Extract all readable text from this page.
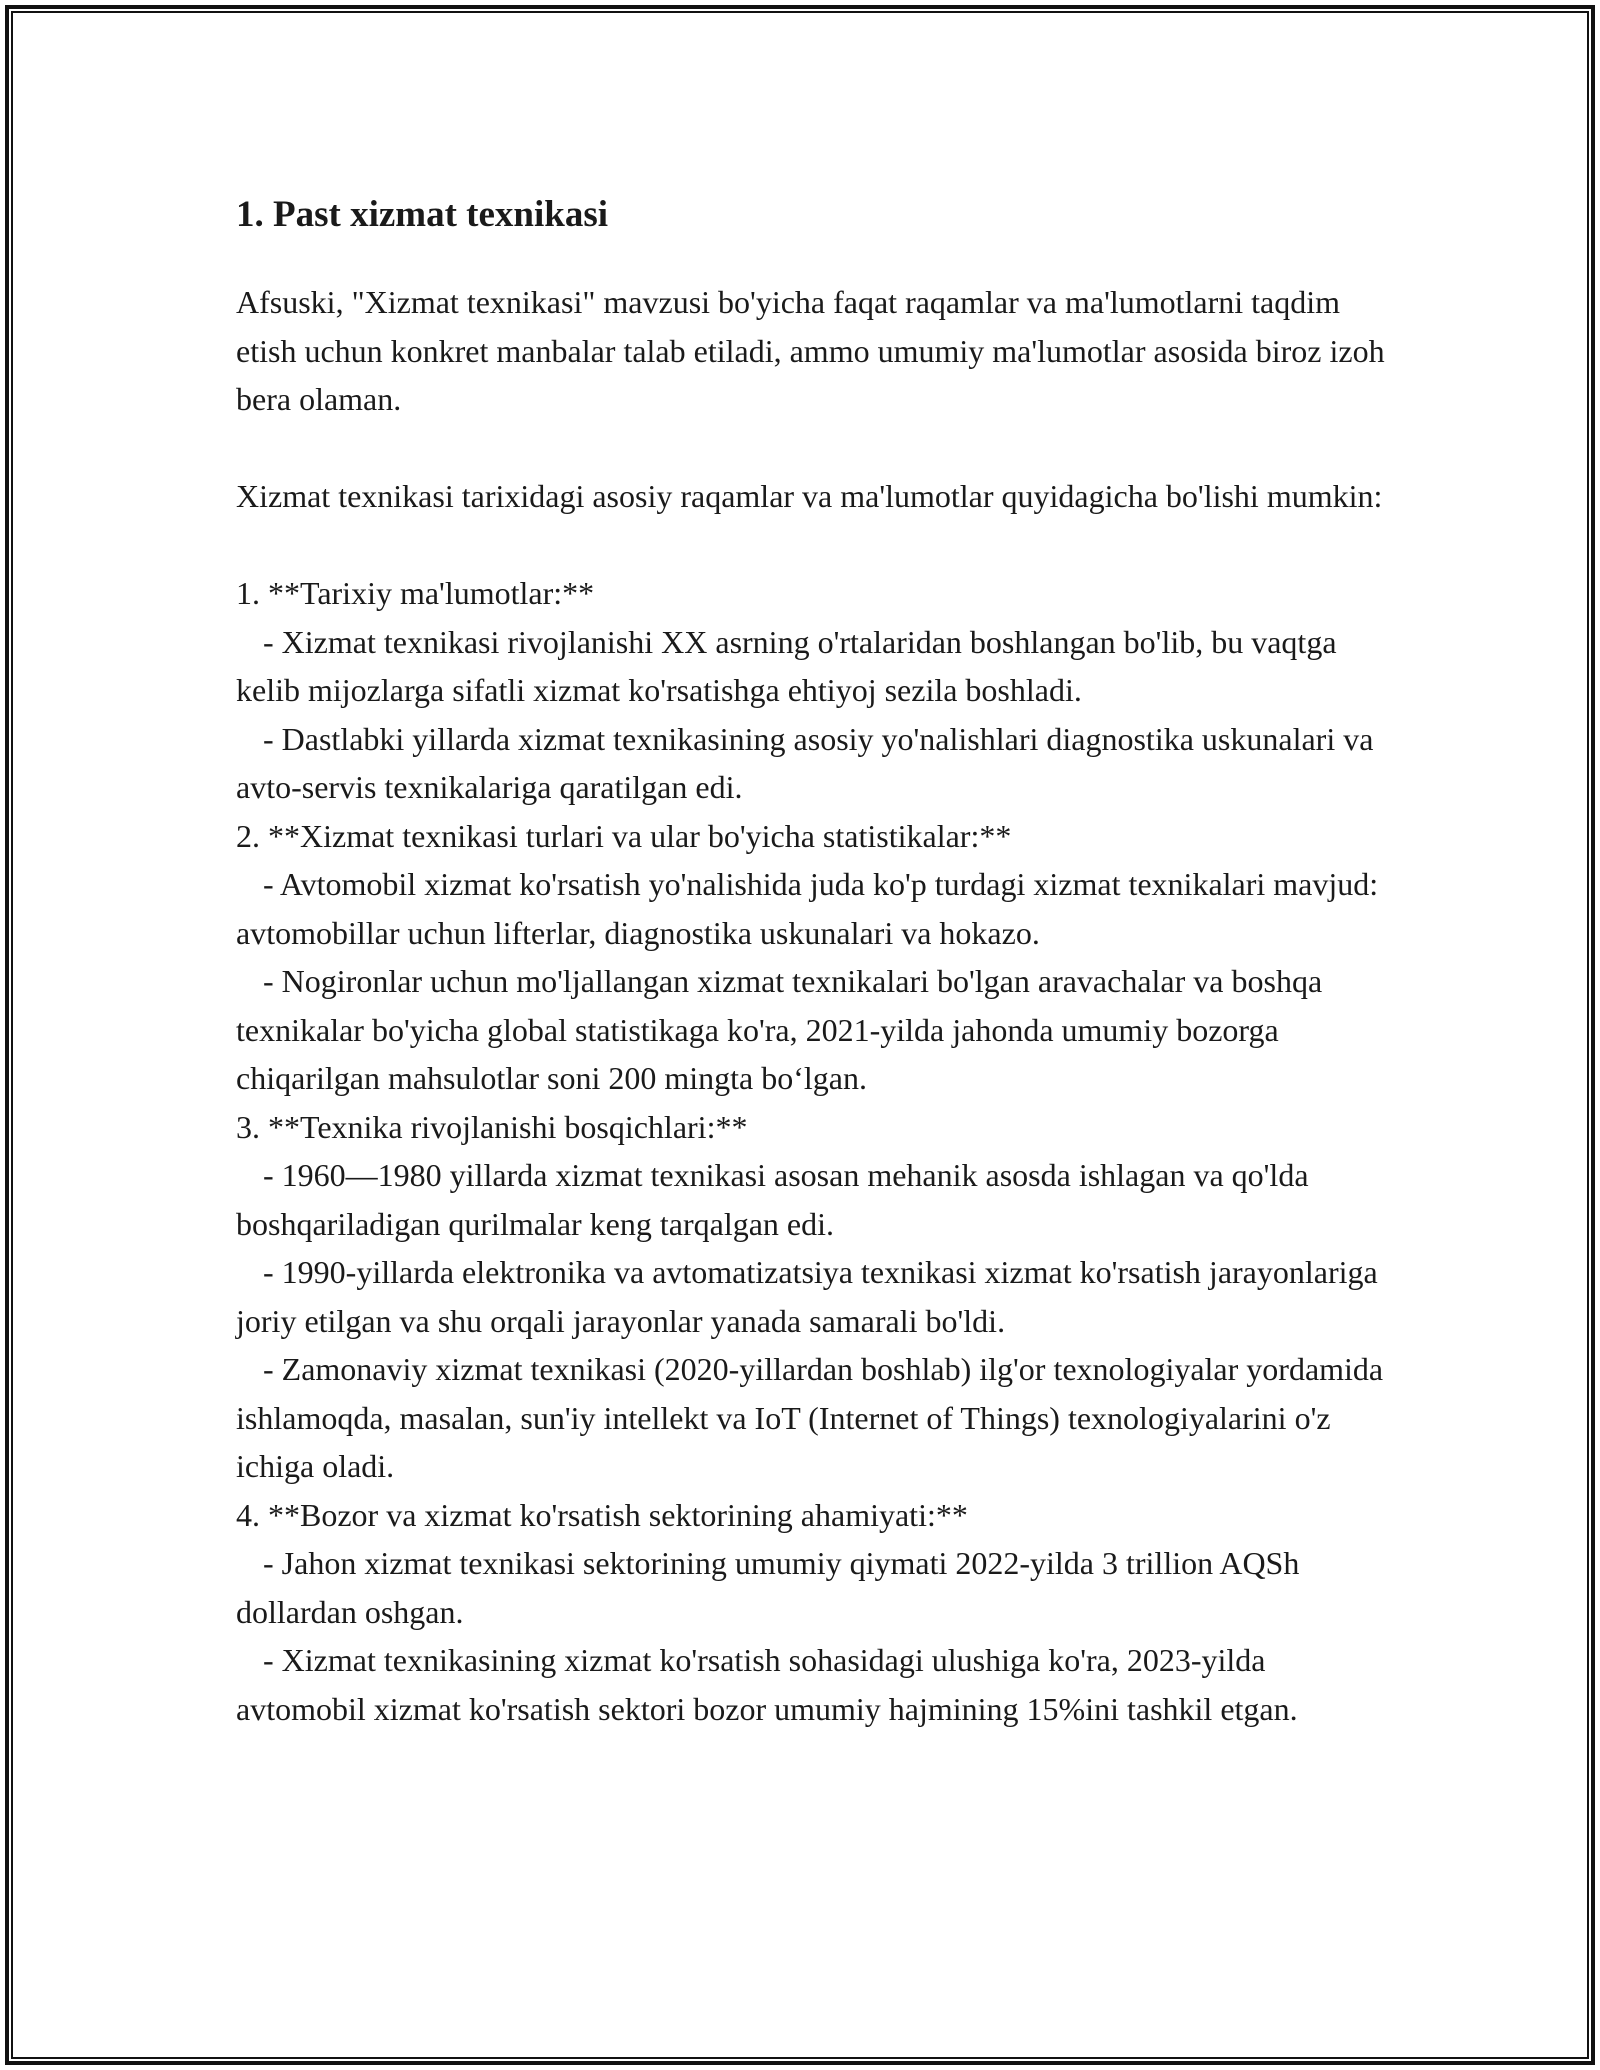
1. Past xizmat texnikasi

Afsuski, "Xizmat texnikasi" mavzusi bo'yicha faqat raqamlar va ma'lumotlarni taqdim etish uchun konkret manbalar talab etiladi, ammo umumiy ma'lumotlar asosida biroz izoh bera olaman.

Xizmat texnikasi tarixidagi asosiy raqamlar va ma'lumotlar quyidagicha bo'lishi mumkin:

1. **Tarixiy ma'lumotlar:**

- Xizmat texnikasi rivojlanishi XX asrning o'rtalaridan boshlangan bo'lib, bu vaqtga kelib mijozlarga sifatli xizmat ko'rsatishga ehtiyoj sezila boshladi.

- Dastlabki yillarda xizmat texnikasining asosiy yo'nalishlari diagnostika uskunalari va avto-servis texnikalariga qaratilgan edi.

2. **Xizmat texnikasi turlari va ular bo'yicha statistikalar:**

- Avtomobil xizmat ko'rsatish yo'nalishida juda ko'p turdagi xizmat texnikalari mavjud: avtomobillar uchun lifterlar, diagnostika uskunalari va hokazo.

- Nogironlar uchun mo'ljallangan xizmat texnikalari bo'lgan aravachalar va boshqa texnikalar bo'yicha global statistikaga ko'ra, 2021-yilda jahonda umumiy bozorga chiqarilgan mahsulotlar soni 200 mingta bo‘lgan.

3. **Texnika rivojlanishi bosqichlari:**

- 1960—1980 yillarda xizmat texnikasi asosan mehanik asosda ishlagan va qo'lda boshqariladigan qurilmalar keng tarqalgan edi.

- 1990-yillarda elektronika va avtomatizatsiya texnikasi xizmat ko'rsatish jarayonlariga joriy etilgan va shu orqali jarayonlar yanada samarali bo'ldi.

- Zamonaviy xizmat texnikasi (2020-yillardan boshlab) ilg'or texnologiyalar yordamida ishlamoqda, masalan, sun'iy intellekt va IoT (Internet of Things) texnologiyalarini o'z ichiga oladi.

4. **Bozor va xizmat ko'rsatish sektorining ahamiyati:**

- Jahon xizmat texnikasi sektorining umumiy qiymati 2022-yilda 3 trillion AQSh dollardan oshgan.

- Xizmat texnikasining xizmat ko'rsatish sohasidagi ulushiga ko'ra, 2023-yilda avtomobil xizmat ko'rsatish sektori bozor umumiy hajmining 15%ini tashkil etgan.
